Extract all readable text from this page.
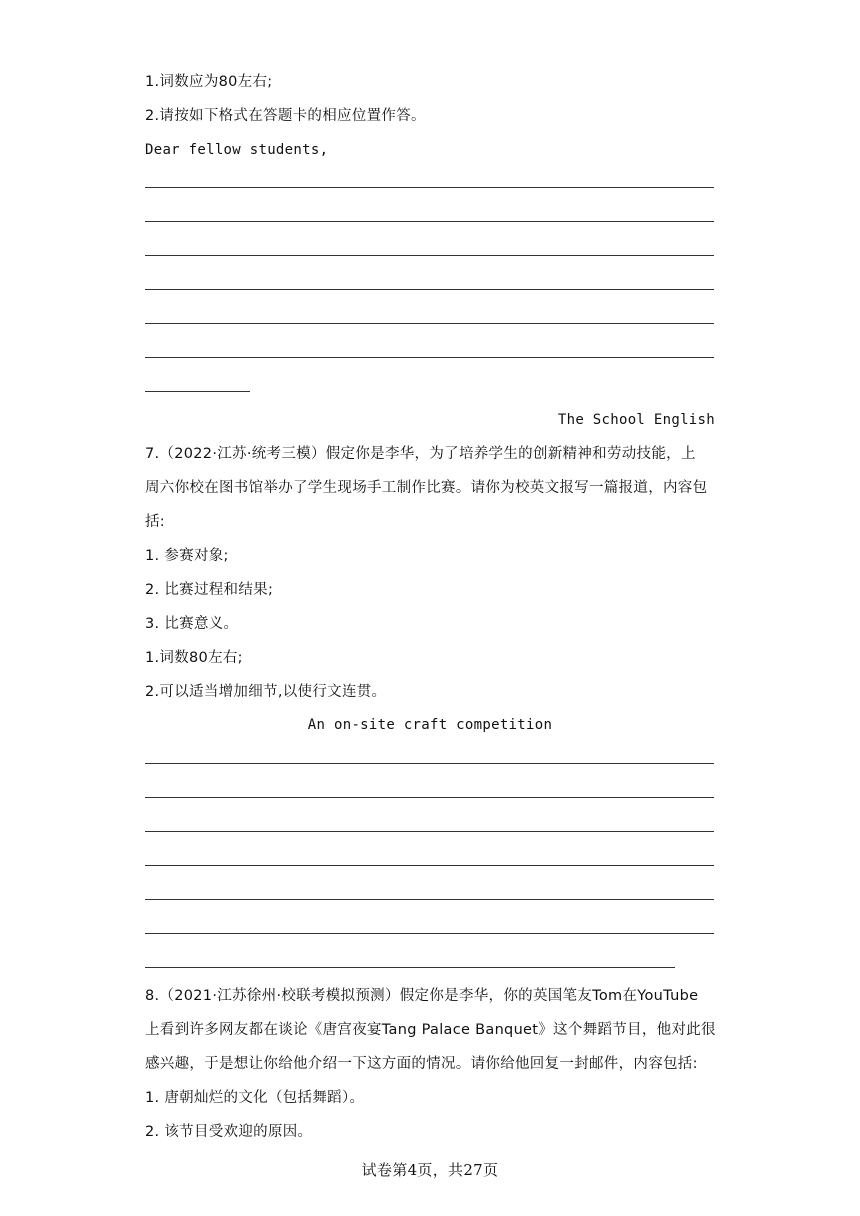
1.词数应为80左右;
2.请按如下格式在答题卡的相应位置作答。
Dear fellow students,
The School English
7.（2022·江苏·统考三模）假定你是李华，为了培养学生的创新精神和劳动技能，上
周六你校在图书馆举办了学生现场手工制作比赛。请你为校英文报写一篇报道，内容包
括:
1. 参赛对象;
2. 比赛过程和结果;
3. 比赛意义。
1.词数80左右;
2.可以适当增加细节,以使行文连贯。
An on-site craft competition
8.（2021·江苏徐州·校联考模拟预测）假定你是李华，你的英国笔友Tom在YouTube
上看到许多网友都在谈论《唐宫夜宴Tang Palace Banquet》这个舞蹈节目，他对此很
感兴趣，于是想让你给他介绍一下这方面的情况。请你给他回复一封邮件，内容包括:
1. 唐朝灿烂的文化（包括舞蹈）。
2. 该节目受欢迎的原因。
试卷第4页，共27页
